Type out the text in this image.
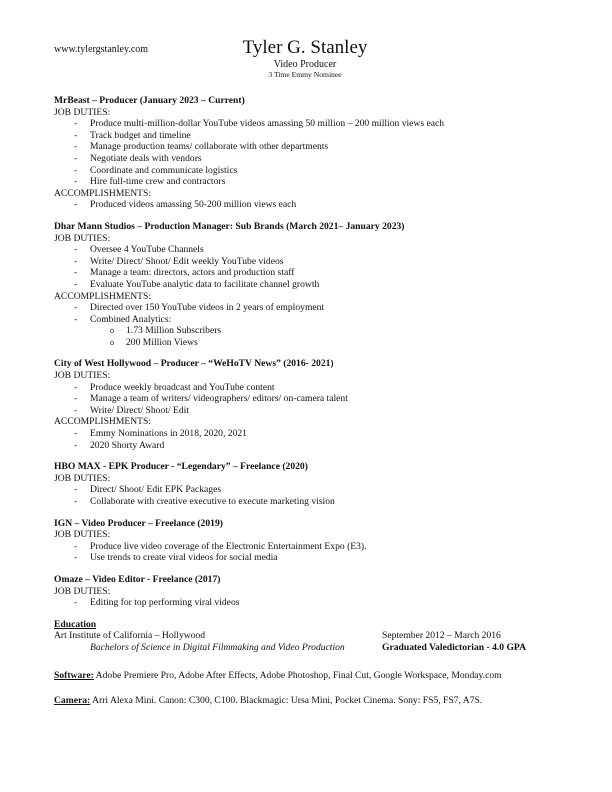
www.tylergstanley.com	Tyler G. Stanley
Video Producer
3 Time Emmy Nominee
MrBeast – Producer (January 2023 – Current)
JOB DUTIES:
- Produce multi-million-dollar YouTube videos amassing 50 million – 200 million views each
- Track budget and timeline
- Manage production teams/ collaborate with other departments
- Negotiate deals with vendors
- Coordinate and communicate logistics
- Hire full-time crew and contractors
ACCOMPLISHMENTS:
- Produced videos amassing 50-200 million views each
Dhar Mann Studios – Production Manager: Sub Brands (March 2021– January 2023)
JOB DUTIES:
- Oversee 4 YouTube Channels
- Write/ Direct/ Shoot/ Edit weekly YouTube videos
- Manage a team: directors, actors and production staff
- Evaluate YouTube analytic data to facilitate channel growth
ACCOMPLISHMENTS:
- Directed over 150 YouTube videos in 2 years of employment
- Combined Analytics:
o 1.73 Million Subscribers
o 200 Million Views
City of West Hollywood – Producer – “WeHoTV News” (2016- 2021)
JOB DUTIES:
- Produce weekly broadcast and YouTube content
- Manage a team of writers/ videographers/ editors/ on-camera talent
- Write/ Direct/ Shoot/ Edit
ACCOMPLISHMENTS:
- Emmy Nominations in 2018, 2020, 2021
- 2020 Shorty Award
HBO MAX - EPK Producer - “Legendary” – Freelance (2020)
JOB DUTIES:
- Direct/ Shoot/ Edit EPK Packages
- Collaborate with creative executive to execute marketing vision
IGN – Video Producer – Freelance (2019)
JOB DUTIES:
- Produce live video coverage of the Electronic Entertainment Expo (E3).
- Use trends to create viral videos for social media
Omaze – Video Editor - Freelance (2017)
JOB DUTIES:
- Editing for top performing viral videos
Education
Art Institute of California – Hollywood	September 2012 – March 2016
Bachelors of Science in Digital Filmmaking and Video Production	Graduated Valedictorian - 4.0 GPA
Software: Adobe Premiere Pro, Adobe After Effects, Adobe Photoshop, Final Cut, Google Workspace, Monday.com
Camera: Arri Alexa Mini. Canon: C300, C100. Blackmagic: Ursa Mini, Pocket Cinema. Sony: FS5, FS7, A7S.
